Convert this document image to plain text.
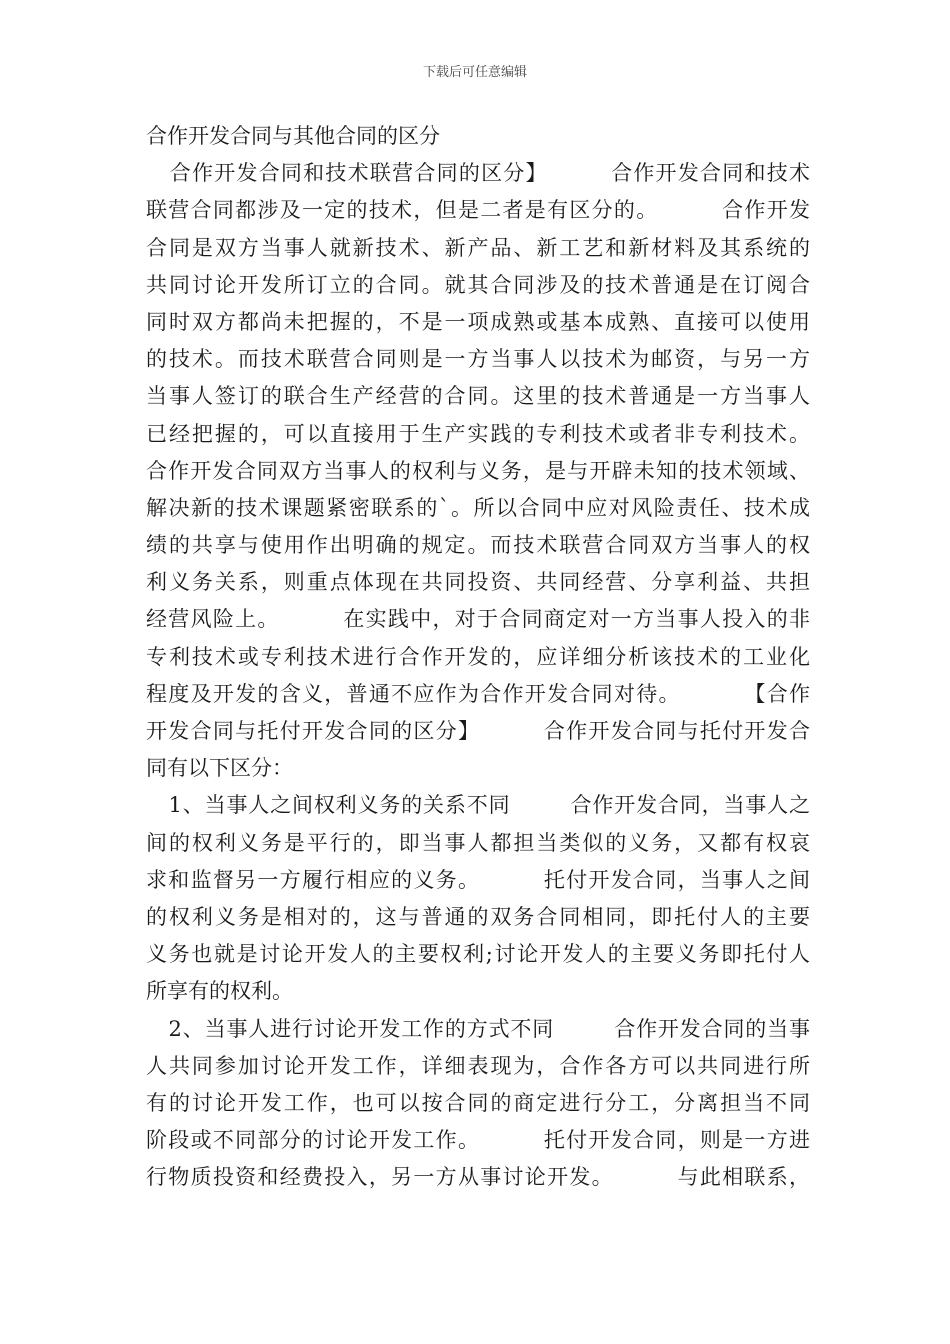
下载后可任意编辑
合作开发合同与其他合同的区分
合作开发合同和技术联营合同的区分】        合作开发合同和技术
联营合同都涉及一定的技术，但是二者是有区分的。        合作开发
合同是双方当事人就新技术、新产品、新工艺和新材料及其系统的
共同讨论开发所订立的合同。就其合同涉及的技术普通是在订阅合
同时双方都尚未把握的，不是一项成熟或基本成熟、直接可以使用
的技术。而技术联营合同则是一方当事人以技术为邮资，与另一方
当事人签订的联合生产经营的合同。这里的技术普通是一方当事人
已经把握的，可以直接用于生产实践的专利技术或者非专利技术。
合作开发合同双方当事人的权利与义务，是与开辟未知的技术领域、
解决新的技术课题紧密联系的`。所以合同中应对风险责任、技术成
绩的共享与使用作出明确的规定。而技术联营合同双方当事人的权
利义务关系，则重点体现在共同投资、共同经营、分享利益、共担
经营风险上。        在实践中，对于合同商定对一方当事人投入的非
专利技术或专利技术进行合作开发的，应详细分析该技术的工业化
程度及开发的含义，普通不应作为合作开发合同对待。        【合作
开发合同与托付开发合同的区分】        合作开发合同与托付开发合
同有以下区分：
1、当事人之间权利义务的关系不同        合作开发合同，当事人之
间的权利义务是平行的，即当事人都担当类似的义务，又都有权哀
求和监督另一方履行相应的义务。        托付开发合同，当事人之间
的权利义务是相对的，这与普通的双务合同相同，即托付人的主要
义务也就是讨论开发人的主要权利;讨论开发人的主要义务即托付人
所享有的权利。
2、当事人进行讨论开发工作的方式不同        合作开发合同的当事
人共同参加讨论开发工作，详细表现为，合作各方可以共同进行所
有的讨论开发工作，也可以按合同的商定进行分工，分离担当不同
阶段或不同部分的讨论开发工作。        托付开发合同，则是一方进
行物质投资和经费投入，另一方从事讨论开发。        与此相联系，
